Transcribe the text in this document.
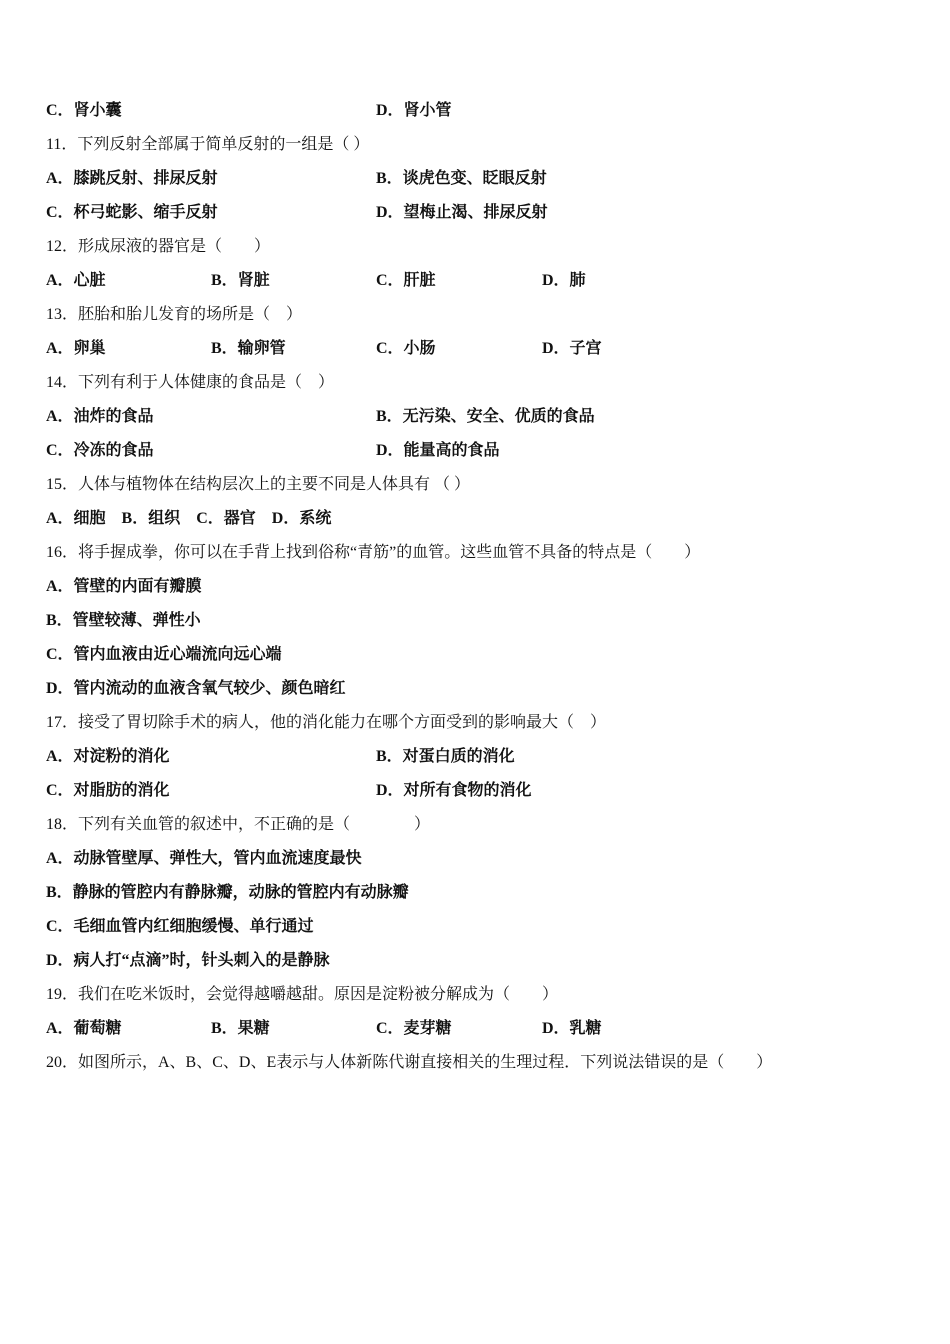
C．肾小囊	D．肾小管
11．下列反射全部属于简单反射的一组是（ ）
A．膝跳反射、排尿反射	B．谈虎色变、眨眼反射
C．杯弓蛇影、缩手反射	D．望梅止渴、排尿反射
12．形成尿液的器官是（　　）
A．心脏	B．肾脏	C．肝脏	D．肺
13．胚胎和胎儿发育的场所是（　）
A．卵巢	B．输卵管	C．小肠	D．子宫
14．下列有利于人体健康的食品是（　）
A．油炸的食品	B．无污染、安全、优质的食品
C．冷冻的食品	D．能量高的食品
15．人体与植物体在结构层次上的主要不同是人体具有 （ ）
A．细胞　B．组织　C．器官　D．系统
16．将手握成拳，你可以在手背上找到俗称“青筋”的血管。这些血管不具备的特点是（　　）
A．管壁的内面有瓣膜
B．管壁较薄、弹性小
C．管内血液由近心端流向远心端
D．管内流动的血液含氧气较少、颜色暗红
17．接受了胃切除手术的病人，他的消化能力在哪个方面受到的影响最大（　）
A．对淀粉的消化	B．对蛋白质的消化
C．对脂肪的消化	D．对所有食物的消化
18．下列有关血管的叙述中，不正确的是（　　　　）
A．动脉管壁厚、弹性大，管内血流速度最快
B．静脉的管腔内有静脉瓣，动脉的管腔内有动脉瓣
C．毛细血管内红细胞缓慢、单行通过
D．病人打“点滴”时，针头刺入的是静脉
19．我们在吃米饭时，会觉得越嚼越甜。原因是淀粉被分解成为（　　）
A．葡萄糖	B．果糖	C．麦芽糖	D．乳糖
20．如图所示，A、B、C、D、E表示与人体新陈代谢直接相关的生理过程．下列说法错误的是（　　）
